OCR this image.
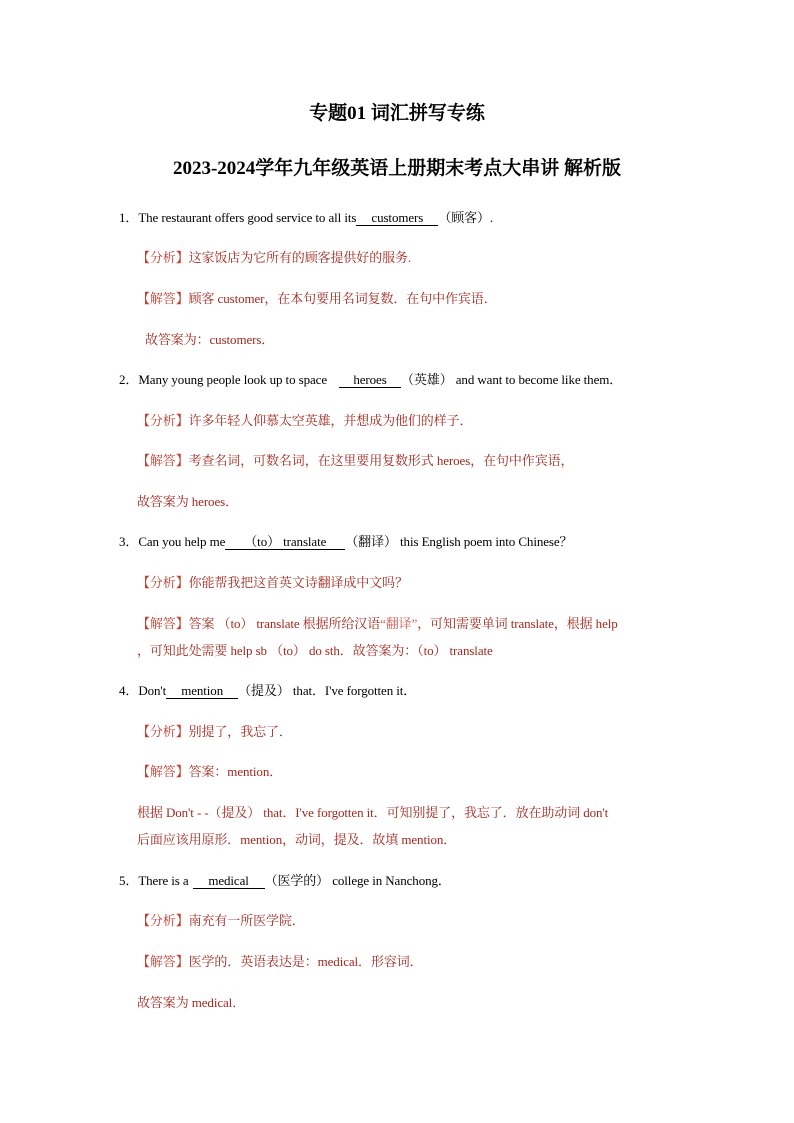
专题01 词汇拼写专练
2023-2024学年九年级英语上册期末考点大串讲 解析版
1．The restaurant offers good service to all its customers （顾客）.
【分析】这家饭店为它所有的顾客提供好的服务.
【解答】顾客 customer，在本句要用名词复数．在句中作宾语．
故答案为：customers．
2．Many young people look up to space heroes （英雄） and want to become like them．
【分析】许多年轻人仰慕太空英雄，并想成为他们的样子．
【解答】考查名词，可数名词，在这里要用复数形式 heroes，在句中作宾语，
故答案为 heroes．
3．Can you help me （to） translate （翻译） this English poem into Chinese？
【分析】你能帮我把这首英文诗翻译成中文吗？
【解答】答案 （to） translate 根据所给汉语“翻译”，可知需要单词 translate，根据 help
，可知此处需要 help sb （to） do sth．故答案为：（to） translate
4．Don't mention （提及） that．I've forgotten it．
【分析】别提了，我忘了．
【解答】答案：mention．
根据 Don't - -（提及） that．I've forgotten it．可知别提了，我忘了．放在助动词 don't
后面应该用原形．mention，动词，提及．故填 mention．
5．There is a medical （医学的） college in Nanchong．
【分析】南充有一所医学院．
【解答】医学的．英语表达是：medical．形容词．
故答案为 medical．
